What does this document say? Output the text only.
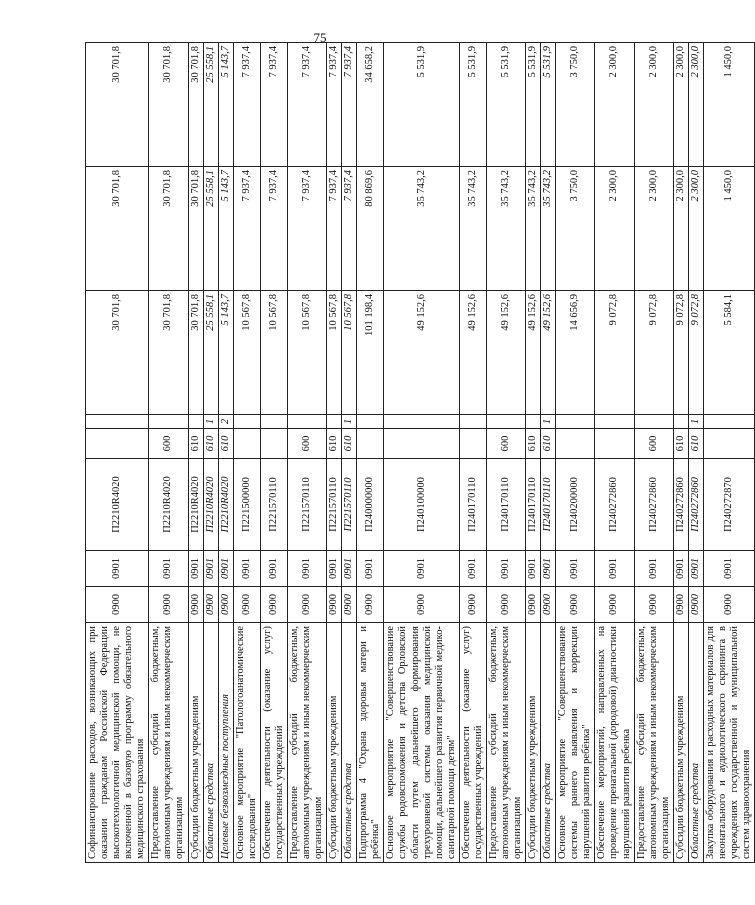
75
Софинансирование расходов, возникающих при оказании гражданам Российской Федерации высокотехнологичной медицинской помощи, не включенной в базовую программу обязательного медицинского страхования	0900	0901	П2210R4020			30 701,8	30 701,8	30 701,8
Предоставление субсидий бюджетным, автономным учреждениям и иным некоммерческим организациям	0900	0901	П2210R4020	600		30 701,8	30 701,8	30 701,8
Субсидии бюджетным учреждениям	0900	0901	П2210R4020	610		30 701,8	30 701,8	30 701,8
Областные средства	0900	0901	П2210R4020	610	1	25 558,1	25 558,1	25 558,1
Целевые безвозмездные поступления	0900	0901	П2210R4020	610	2	5 143,7	5 143,7	5 143,7
Основное мероприятие "Патологоанатомические исследования"	0900	0901	П221500000			10 567,8	7 937,4	7 937,4
Обеспечение деятельности (оказание услуг) государственных учреждений	0900	0901	П221570110			10 567,8	7 937,4	7 937,4
Предоставление субсидий бюджетным, автономным учреждениям и иным некоммерческим организациям	0900	0901	П221570110	600		10 567,8	7 937,4	7 937,4
Субсидии бюджетным учреждениям	0900	0901	П221570110	610		10 567,8	7 937,4	7 937,4
Областные средства	0900	0901	П221570110	610	1	10 567,8	7 937,4	7 937,4
Подпрограмма 4 "Охрана здоровья матери и ребёнка"	0900	0901	П240000000			101 198,4	80 869,6	34 658,2
Основное мероприятие "Совершенствование службы родовспоможения и детства Орловской области путем дальнейшего формирования трехуровневой системы оказания медицинской помощи, дальнейшего развития первичной медико-санитарной помощи детям"	0900	0901	П240100000			49 152,6	35 743,2	5 531,9
Обеспечение деятельности (оказание услуг) государственных учреждений	0900	0901	П240170110			49 152,6	35 743,2	5 531,9
Предоставление субсидий бюджетным, автономным учреждениям и иным некоммерческим организациям	0900	0901	П240170110	600		49 152,6	35 743,2	5 531,9
Субсидии бюджетным учреждениям	0900	0901	П240170110	610		49 152,6	35 743,2	5 531,9
Областные средства	0900	0901	П240170110	610	1	49 152,6	35 743,2	5 531,9
Основное мероприятие "Совершенствование системы раннего выявления и коррекции нарушений развития ребёнка"	0900	0901	П240200000			14 656,9	3 750,0	3 750,0
Обеспечение мероприятий, направленных на проведение пренатальной (дородовой) диагностики нарушений развития ребенка	0900	0901	П240272860			9 072,8	2 300,0	2 300,0
Предоставление субсидий бюджетным, автономным учреждениям и иным некоммерческим организациям	0900	0901	П240272860	600		9 072,8	2 300,0	2 300,0
Субсидии бюджетным учреждениям	0900	0901	П240272860	610		9 072,8	2 300,0	2 300,0
Областные средства	0900	0901	П240272860	610	1	9 072,8	2 300,0	2 300,0
Закупка оборудования и расходных материалов для неонатального и аудиологического скрининга в учреждениях государственной и муниципальной систем здравоохранения	0900	0901	П240272870			5 584,1	1 450,0	1 450,0
